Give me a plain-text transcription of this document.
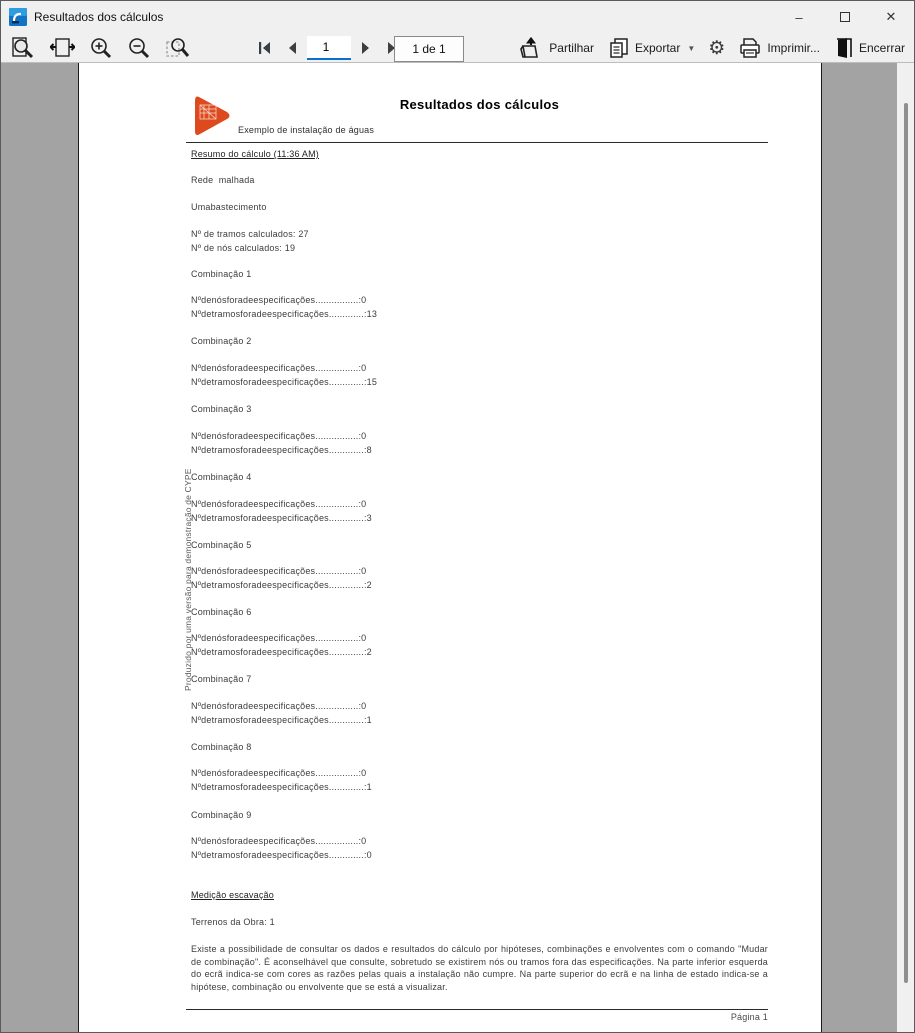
Resultados dos cálculos	–	✕
1
1 de 1	Partilhar	Exportar ▼ ⚙	Imprimir...	Encerrar
Exemplo de instalação de águas
Resultados dos cálculos
Resumo do cálculo (11:36 AM)
Rede  malhada
Umabastecimento
Nº de tramos calculados: 27
Nº de nós calculados: 19
Combinação 1
Nºdenósforadeespecificações................:0
Nºdetramosforadeespecificações.............:13
Combinação 2
Nºdenósforadeespecificações................:0
Nºdetramosforadeespecificações.............:15
Combinação 3
Nºdenósforadeespecificações................:0
Nºdetramosforadeespecificações.............:8
Combinação 4
Nºdenósforadeespecificações................:0
Nºdetramosforadeespecificações.............:3
Combinação 5
Nºdenósforadeespecificações................:0
Nºdetramosforadeespecificações.............:2
Combinação 6
Nºdenósforadeespecificações................:0
Nºdetramosforadeespecificações.............:2
Combinação 7
Nºdenósforadeespecificações................:0
Nºdetramosforadeespecificações.............:1
Combinação 8
Nºdenósforadeespecificações................:0
Nºdetramosforadeespecificações.............:1
Combinação 9
Nºdenósforadeespecificações................:0
Nºdetramosforadeespecificações.............:0
Medição escavação
Terrenos da Obra: 1
Existe a possibilidade de consultar os dados e resultados do cálculo por hipóteses, combinações e envolventes com o comando "Mudar de combinação". É aconselhável que consulte, sobretudo se existirem nós ou tramos fora das especificações. Na parte inferior esquerda do ecrã indica-se com cores as razões pelas quais a instalação não cumpre. Na parte superior do ecrã e na linha de estado indica-se a hipótese, combinação ou envolvente que se está a visualizar.
Página 1
Produzido por uma versão para demonstração de CYPE
